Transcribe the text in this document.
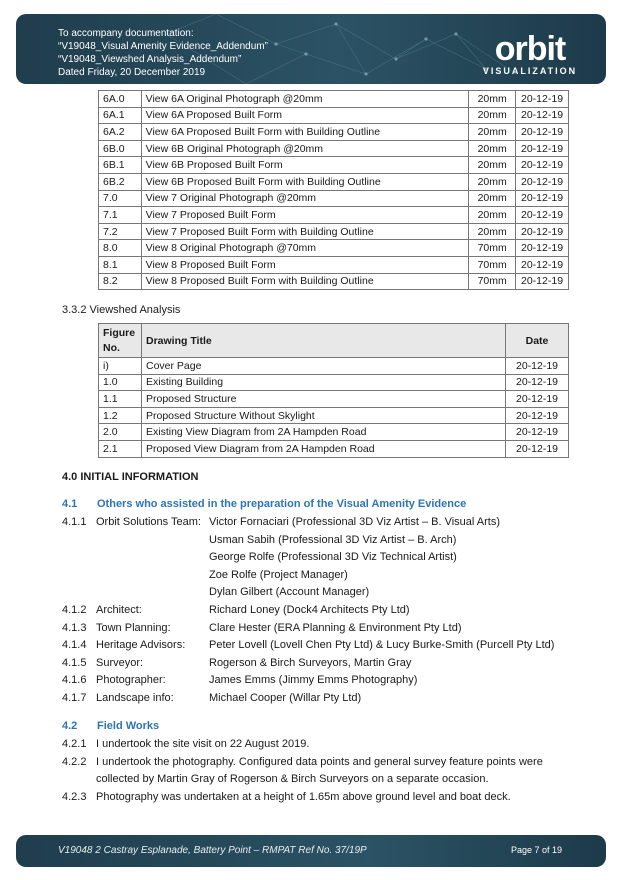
To accompany documentation:
“V19048_Visual Amenity Evidence_Addendum”
“V19048_Viewshed Analysis_Addendum”
Dated Friday, 20 December 2019
orbit
VISUALIZATION
6A.0	View 6A Original Photograph @20mm	20mm	20-12-19
6A.1	View 6A Proposed Built Form	20mm	20-12-19
6A.2	View 6A Proposed Built Form with Building Outline	20mm	20-12-19
6B.0	View 6B Original Photograph @20mm	20mm	20-12-19
6B.1	View 6B Proposed Built Form	20mm	20-12-19
6B.2	View 6B Proposed Built Form with Building Outline	20mm	20-12-19
7.0	View 7 Original Photograph @20mm	20mm	20-12-19
7.1	View 7 Proposed Built Form	20mm	20-12-19
7.2	View 7 Proposed Built Form with Building Outline	20mm	20-12-19
8.0	View 8 Original Photograph @70mm	70mm	20-12-19
8.1	View 8 Proposed Built Form	70mm	20-12-19
8.2	View 8 Proposed Built Form with Building Outline	70mm	20-12-19
3.3.2 Viewshed Analysis
Figure
No.	Drawing Title	Date
i)	Cover Page	20-12-19
1.0	Existing Building	20-12-19
1.1	Proposed Structure	20-12-19
1.2	Proposed Structure Without Skylight	20-12-19
2.0	Existing View Diagram from 2A Hampden Road	20-12-19
2.1	Proposed View Diagram from 2A Hampden Road	20-12-19
4.0 INITIAL INFORMATION
4.1 Others who assisted in the preparation of the Visual Amenity Evidence
4.1.1 Orbit Solutions Team: Victor Fornaciari (Professional 3D Viz Artist – B. Visual Arts)
Usman Sabih (Professional 3D Viz Artist – B. Arch)
George Rolfe (Professional 3D Viz Technical Artist)
Zoe Rolfe (Project Manager)
Dylan Gilbert (Account Manager)
4.1.2 Architect:	Richard Loney (Dock4 Architects Pty Ltd)
4.1.3 Town Planning:	Clare Hester (ERA Planning & Environment Pty Ltd)
4.1.4 Heritage Advisors: Peter Lovell (Lovell Chen Pty Ltd) & Lucy Burke-Smith (Purcell Pty Ltd)
4.1.5 Surveyor:	Rogerson & Birch Surveyors, Martin Gray
4.1.6 Photographer:	James Emms (Jimmy Emms Photography)
4.1.7 Landscape info:	Michael Cooper (Willar Pty Ltd)
4.2 Field Works
4.2.1 I undertook the site visit on 22 August 2019.
4.2.2 I undertook the photography. Configured data points and general survey feature points were
collected by Martin Gray of Rogerson & Birch Surveyors on a separate occasion.
4.2.3 Photography was undertaken at a height of 1.65m above ground level and boat deck.
V19048 2 Castray Esplanade, Battery Point – RMPAT Ref No. 37/19P	Page 7 of 19
